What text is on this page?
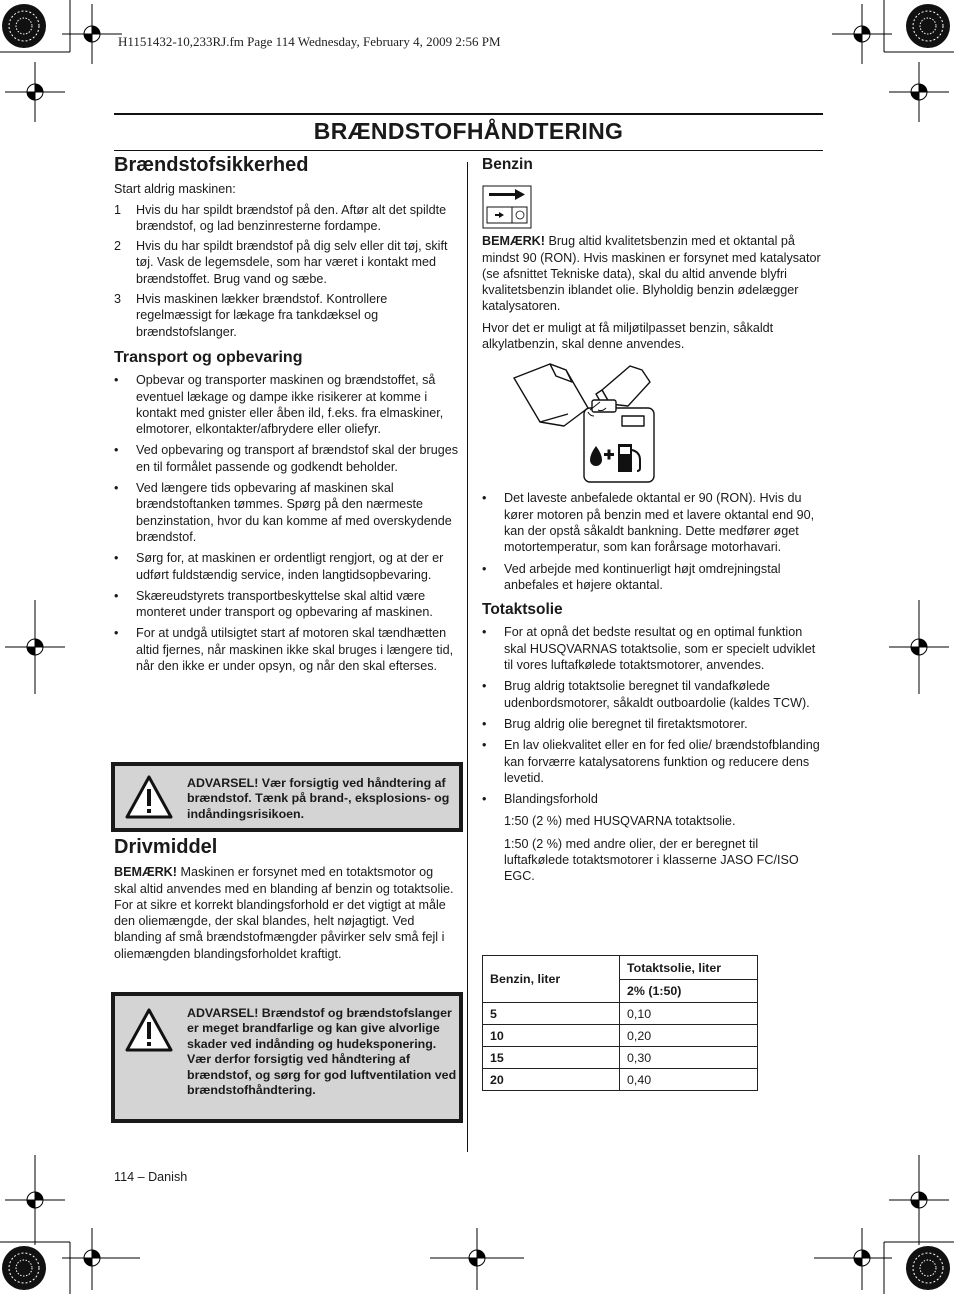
H1151432-10,233RJ.fm Page 114 Wednesday, February 4, 2009 2:56 PM
BRÆNDSTOFHÅNDTERING

Brændstofsikkerhed

Start aldrig maskinen:

1 Hvis du har spildt brændstof på den. Aftør alt det spildte brændstof, og lad benzinresterne fordampe.
2 Hvis du har spildt brændstof på dig selv eller dit tøj, skift tøj. Vask de legemsdele, som har været i kontakt med brændstoffet. Brug vand og sæbe.
3 Hvis maskinen lækker brændstof. Kontrollere regelmæssigt for lækage fra tankdæksel og brændstofslanger.

Transport og opbevaring

• Opbevar og transporter maskinen og brændstoffet, så eventuel lækage og dampe ikke risikerer at komme i kontakt med gnister eller åben ild, f.eks. fra elmaskiner, elmotorer, elkontakter/afbrydere eller oliefyr.
• Ved opbevaring og transport af brændstof skal der bruges en til formålet passende og godkendt beholder.
• Ved længere tids opbevaring af maskinen skal brændstoftanken tømmes. Spørg på den nærmeste benzinstation, hvor du kan komme af med overskydende brændstof.
• Sørg for, at maskinen er ordentligt rengjort, og at der er udført fuldstændig service, inden langtidsopbevaring.
• Skæreudstyrets transportbeskyttelse skal altid være monteret under transport og opbevaring af maskinen.
• For at undgå utilsigtet start af motoren skal tændhætten altid fjernes, når maskinen ikke skal bruges i længere tid, når den ikke er under opsyn, og når den skal efterses.
ADVARSEL! Vær forsigtig ved håndtering af brændstof. Tænk på brand-, eksplosions- og indåndingsrisikoen.

Drivmiddel

BEMÆRK! Maskinen er forsynet med en totaktsmotor og skal altid anvendes med en blanding af benzin og totaktsolie. For at sikre et korrekt blandingsforhold er det vigtigt at måle den oliemængde, der skal blandes, helt nøjagtigt. Ved blanding af små brændstofmængder påvirker selv små fejl i oliemængden blandingsforholdet kraftigt.

ADVARSEL! Brændstof og brændstofslanger er meget brandfarlige og kan give alvorlige skader ved indånding og hudeksponering. Vær derfor forsigtig ved håndtering af brændstof, og sørg for god luftventilation ved brændstofhåndtering.

Benzin

BEMÆRK! Brug altid kvalitetsbenzin med et oktantal på mindst 90 (RON). Hvis maskinen er forsynet med katalysator (se afsnittet Tekniske data), skal du altid anvende blyfri kvalitetsbenzin iblandet olie. Blyholdig benzin ødelægger katalysatoren.

Hvor det er muligt at få miljøtilpasset benzin, såkaldt alkylatbenzin, skal denne anvendes.

• Det laveste anbefalede oktantal er 90 (RON). Hvis du kører motoren på benzin med et lavere oktantal end 90, kan der opstå såkaldt bankning. Dette medfører øget motortemperatur, som kan forårsage motorhavari.
• Ved arbejde med kontinuerligt højt omdrejningstal anbefales et højere oktantal.

Totaktsolie

• For at opnå det bedste resultat og en optimal funktion skal HUSQVARNAS totaktsolie, som er specielt udviklet til vores luftafkølede totaktsmotorer, anvendes.
• Brug aldrig totaktsolie beregnet til vandafkølede udenbordsmotorer, såkaldt outboardolie (kaldes TCW).
• Brug aldrig olie beregnet til firetaktsmotorer.
• En lav oliekvalitet eller en for fed olie/ brændstofblanding kan forværre katalysatorens funktion og reducere dens levetid.
• Blandingsforhold

1:50 (2 %) med HUSQVARNA totaktsolie.

1:50 (2 %) med andre olier, der er beregnet til luftafkølede totaktsmotorer i klasserne JASO FC/ISO EGC.

Benzin, liter	Totaktsolie, liter
	2% (1:50)
5	0,10
10	0,20
15	0,30
20	0,40
114 – Danish
